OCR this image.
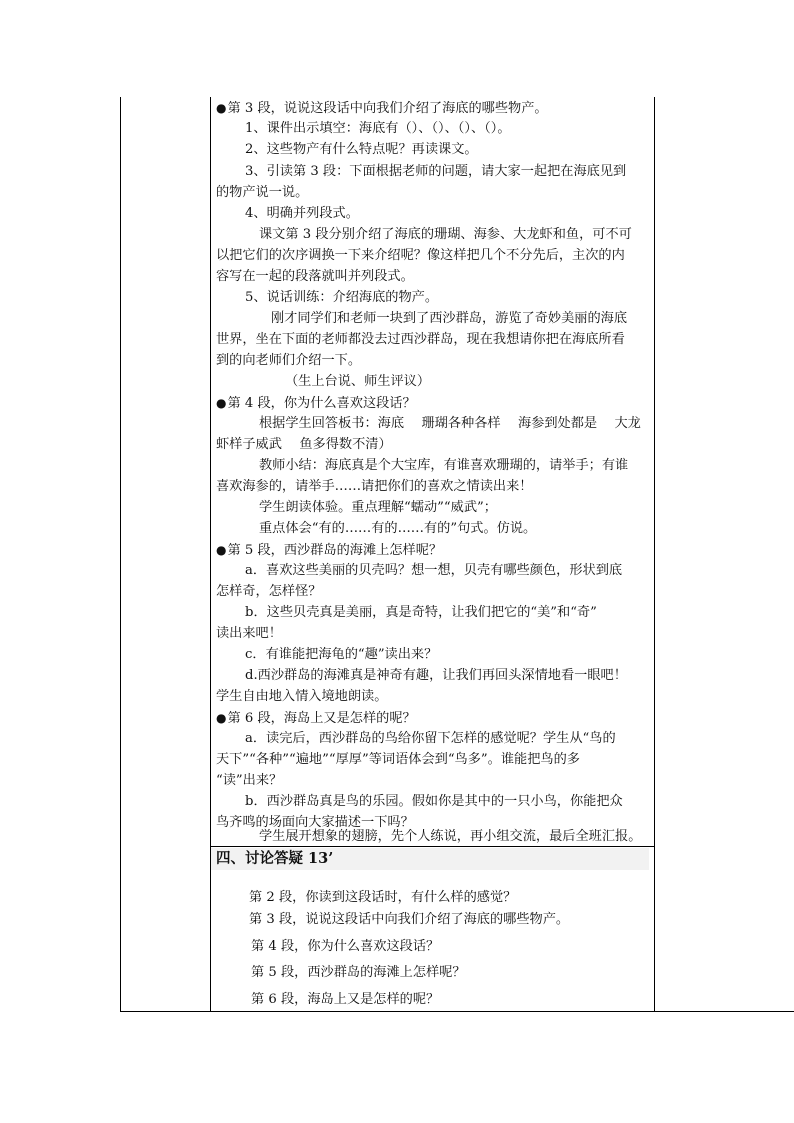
●第 3 段，说说这段话中向我们介绍了海底的哪些物产。
1、课件出示填空：海底有（）、（）、（）、（）。
2、这些物产有什么特点呢？再读课文。
3、引读第 3 段：下面根据老师的问题，请大家一起把在海底见到
的物产说一说。
4、明确并列段式。
课文第 3 段分别介绍了海底的珊瑚、海参、大龙虾和鱼，可不可
以把它们的次序调换一下来介绍呢？像这样把几个不分先后，主次的内
容写在一起的段落就叫并列段式。
5、说话训练：介绍海底的物产。
刚才同学们和老师一块到了西沙群岛，游览了奇妙美丽的海底
世界，坐在下面的老师都没去过西沙群岛，现在我想请你把在海底所看
到的向老师们介绍一下。
（生上台说、师生评议）
●第 4 段，你为什么喜欢这段话？
根据学生回答板书：海底　 珊瑚各种各样　 海参到处都是　 大龙
虾样子威武　 鱼多得数不清）
教师小结：海底真是个大宝库，有谁喜欢珊瑚的，请举手；有谁
喜欢海参的，请举手……请把你们的喜欢之情读出来！
学生朗读体验。重点理解“蠕动”“威武”；
重点体会“有的……有的……有的”句式。仿说。
●第 5 段，西沙群岛的海滩上怎样呢？
a．喜欢这些美丽的贝壳吗？想一想，贝壳有哪些颜色，形状到底
怎样奇，怎样怪？
b．这些贝壳真是美丽，真是奇特，让我们把它的“美”和“奇”
读出来吧！
c．有谁能把海龟的“趣”读出来？
d.西沙群岛的海滩真是神奇有趣，让我们再回头深情地看一眼吧！
学生自由地入情入境地朗读。
●第 6 段，海岛上又是怎样的呢？
a．读完后，西沙群岛的鸟给你留下怎样的感觉呢？学生从“鸟的
天下”“各种”“遍地”“厚厚”等词语体会到“鸟多”。谁能把鸟的多
“读”出来？
b．西沙群岛真是鸟的乐园。假如你是其中的一只小鸟，你能把众
鸟齐鸣的场面向大家描述一下吗？
学生展开想象的翅膀，先个人练说，再小组交流，最后全班汇报。
四、讨论答疑 13’
第 2 段，你读到这段话时，有什么样的感觉？
第 3 段，说说这段话中向我们介绍了海底的哪些物产。
第 4 段，你为什么喜欢这段话？
第 5 段，西沙群岛的海滩上怎样呢？
第 6 段，海岛上又是怎样的呢？
